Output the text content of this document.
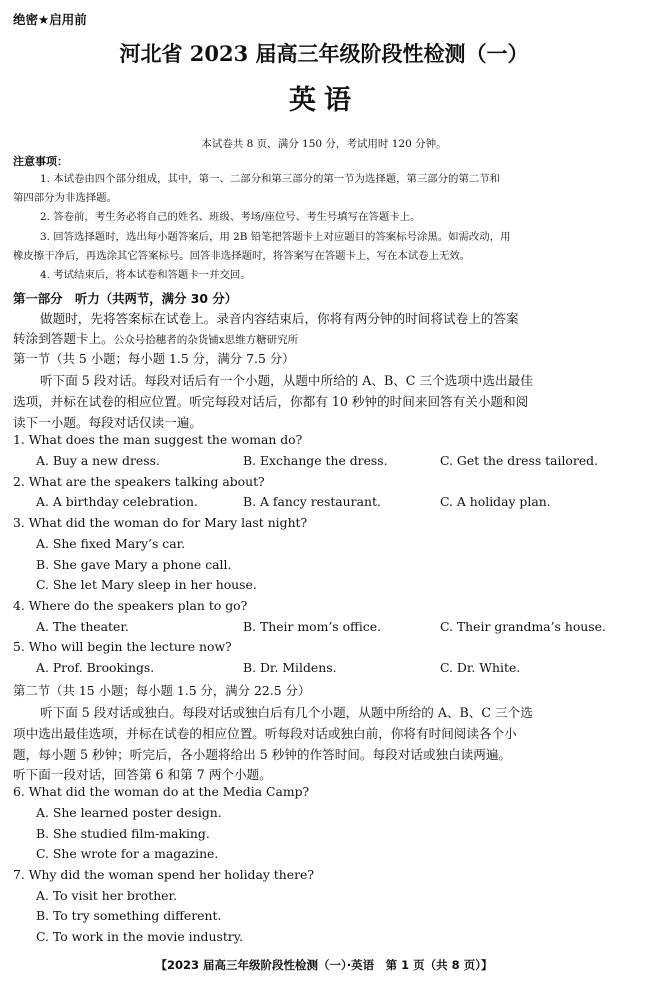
绝密★启用前
河北省 2023 届高三年级阶段性检测（一）
英语
本试卷共 8 页，满分 150 分，考试用时 120 分钟。
注意事项：
1. 本试卷由四个部分组成，其中，第一、二部分和第三部分的第一节为选择题，第三部分的第二节和
第四部分为非选择题。
2. 答卷前，考生务必将自己的姓名、班级、考场/座位号、考生号填写在答题卡上。
3. 回答选择题时，选出每小题答案后，用 2B 铅笔把答题卡上对应题目的答案标号涂黑。如需改动，用
橡皮擦干净后，再选涂其它答案标号。回答非选择题时，将答案写在答题卡上，写在本试卷上无效。
4. 考试结束后，将本试卷和答题卡一并交回。
第一部分　听力（共两节，满分 30 分）
做题时，先将答案标在试卷上。录音内容结束后，你将有两分钟的时间将试卷上的答案
转涂到答题卡上。公众号拾穗者的杂货铺x思维方糖研究所
第一节（共 5 小题；每小题 1.5 分，满分 7.5 分）
听下面 5 段对话。每段对话后有一个小题，从题中所给的 A、B、C 三个选项中选出最佳
选项，并标在试卷的相应位置。听完每段对话后，你都有 10 秒钟的时间来回答有关小题和阅
读下一小题。每段对话仅读一遍。
1. What does the man suggest the woman do?
A. Buy a new dress.	B. Exchange the dress.	C. Get the dress tailored.
2. What are the speakers talking about?
A. A birthday celebration.	B. A fancy restaurant.	C. A holiday plan.
3. What did the woman do for Mary last night?
A. She fixed Mary’s car.
B. She gave Mary a phone call.
C. She let Mary sleep in her house.
4. Where do the speakers plan to go?
A. The theater.	B. Their mom’s office.	C. Their grandma’s house.
5. Who will begin the lecture now?
A. Prof. Brookings.	B. Dr. Mildens.	C. Dr. White.
第二节（共 15 小题；每小题 1.5 分，满分 22.5 分）
听下面 5 段对话或独白。每段对话或独白后有几个小题，从题中所给的 A、B、C 三个选
项中选出最佳选项，并标在试卷的相应位置。听每段对话或独白前，你将有时间阅读各个小
题，每小题 5 秒钟；听完后，各小题将给出 5 秒钟的作答时间。每段对话或独白读两遍。
听下面一段对话，回答第 6 和第 7 两个小题。
6. What did the woman do at the Media Camp?
A. She learned poster design.
B. She studied film-making.
C. She wrote for a magazine.
7. Why did the woman spend her holiday there?
A. To visit her brother.
B. To try something different.
C. To work in the movie industry.
【2023 届高三年级阶段性检测（一）·英语　第 1 页（共 8 页）】
